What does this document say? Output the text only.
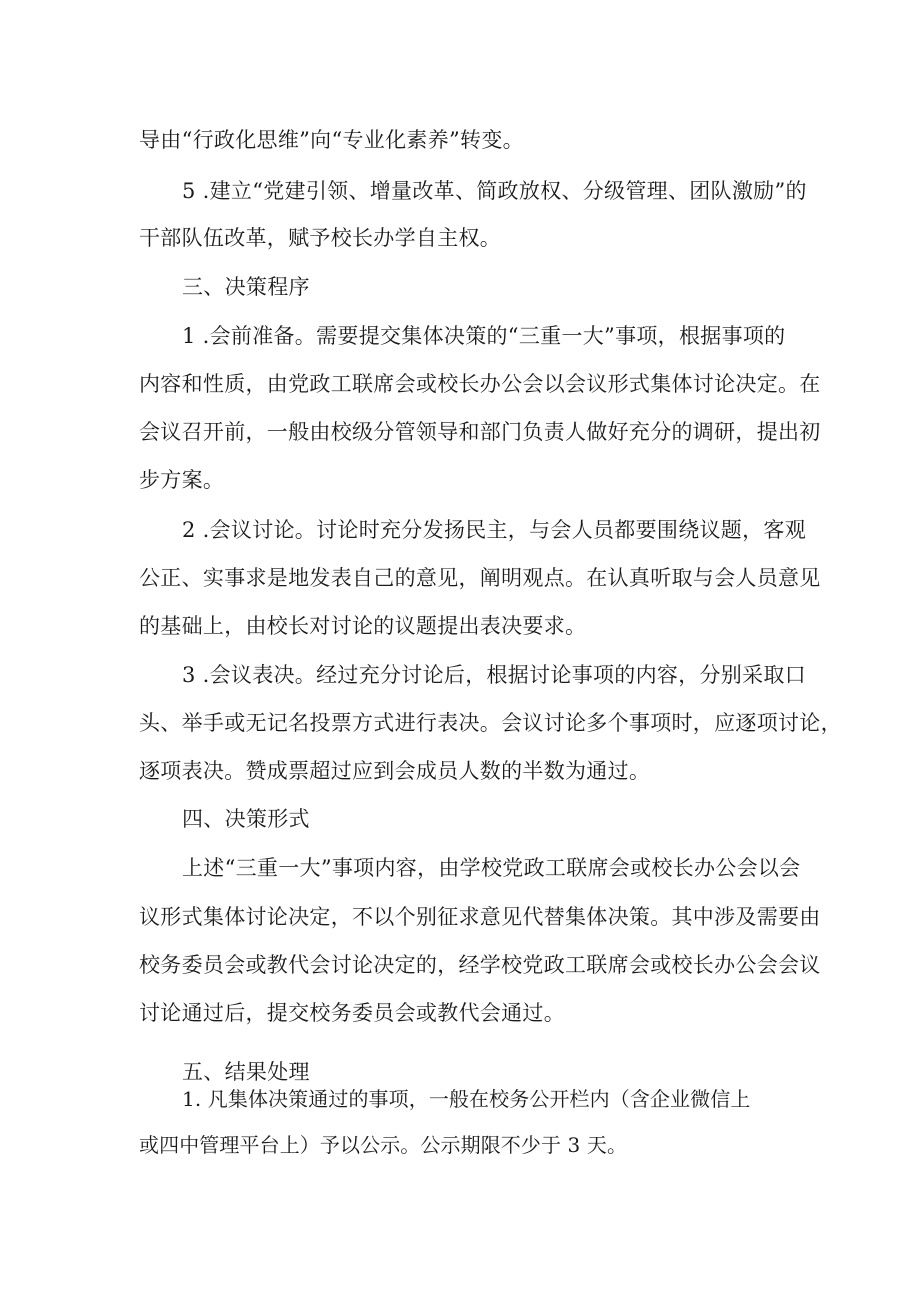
导由“行政化思维”向“专业化素养”转变。
5 .建立“党建引领、增量改革、简政放权、分级管理、团队激励”的
干部队伍改革，赋予校长办学自主权。
三、决策程序
1 .会前准备。需要提交集体决策的“三重一大”事项，根据事项的
内容和性质，由党政工联席会或校长办公会以会议形式集体讨论决定。在
会议召开前，一般由校级分管领导和部门负责人做好充分的调研，提出初
步方案。
2 .会议讨论。讨论时充分发扬民主，与会人员都要围绕议题，客观
公正、实事求是地发表自己的意见，阐明观点。在认真听取与会人员意见
的基础上，由校长对讨论的议题提出表决要求。
3 .会议表决。经过充分讨论后，根据讨论事项的内容，分别采取口
头、举手或无记名投票方式进行表决。会议讨论多个事项时，应逐项讨论，
逐项表决。赞成票超过应到会成员人数的半数为通过。
四、决策形式
上述“三重一大”事项内容，由学校党政工联席会或校长办公会以会
议形式集体讨论决定，不以个别征求意见代替集体决策。其中涉及需要由
校务委员会或教代会讨论决定的，经学校党政工联席会或校长办公会会议
讨论通过后，提交校务委员会或教代会通过。
五、结果处理
1. 凡集体决策通过的事项，一般在校务公开栏内（含企业微信上
或四中管理平台上）予以公示。公示期限不少于 3 天。
